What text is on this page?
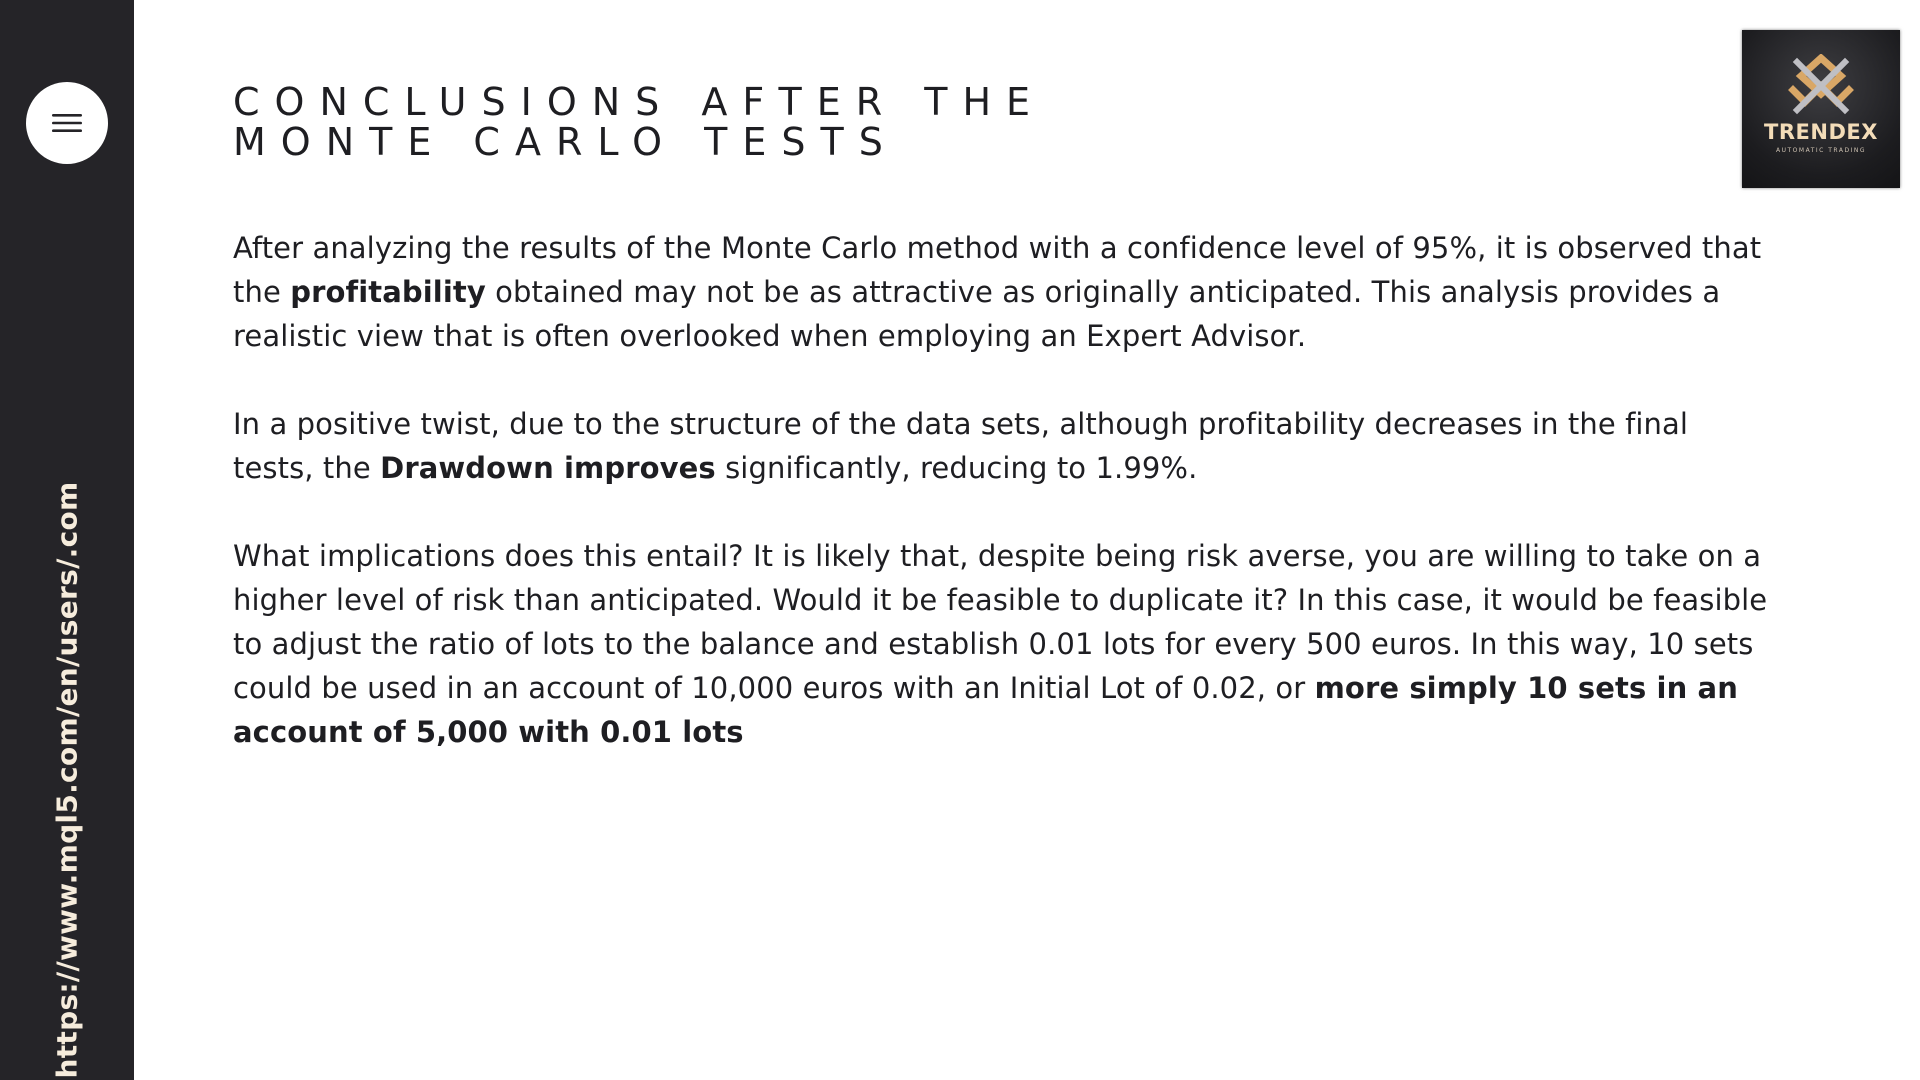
https://www.mql5.com/en/users/.com
TRENDEX
AUTOMATIC TRADING
CONCLUSIONS AFTER THE
MONTE CARLO TESTS

After analyzing the results of the Monte Carlo method with a confidence level of 95%, it is observed that the profitability obtained may not be as attractive as originally anticipated. This analysis provides a realistic view that is often overlooked when employing an Expert Advisor.

In a positive twist, due to the structure of the data sets, although profitability decreases in the final tests, the Drawdown improves significantly, reducing to 1.99%.

What implications does this entail? It is likely that, despite being risk averse, you are willing to take on a higher level of risk than anticipated. Would it be feasible to duplicate it? In this case, it would be feasible to adjust the ratio of lots to the balance and establish 0.01 lots for every 500 euros. In this way, 10 sets could be used in an account of 10,000 euros with an Initial Lot of 0.02, or more simply 10 sets in an account of 5,000 with 0.01 lots
